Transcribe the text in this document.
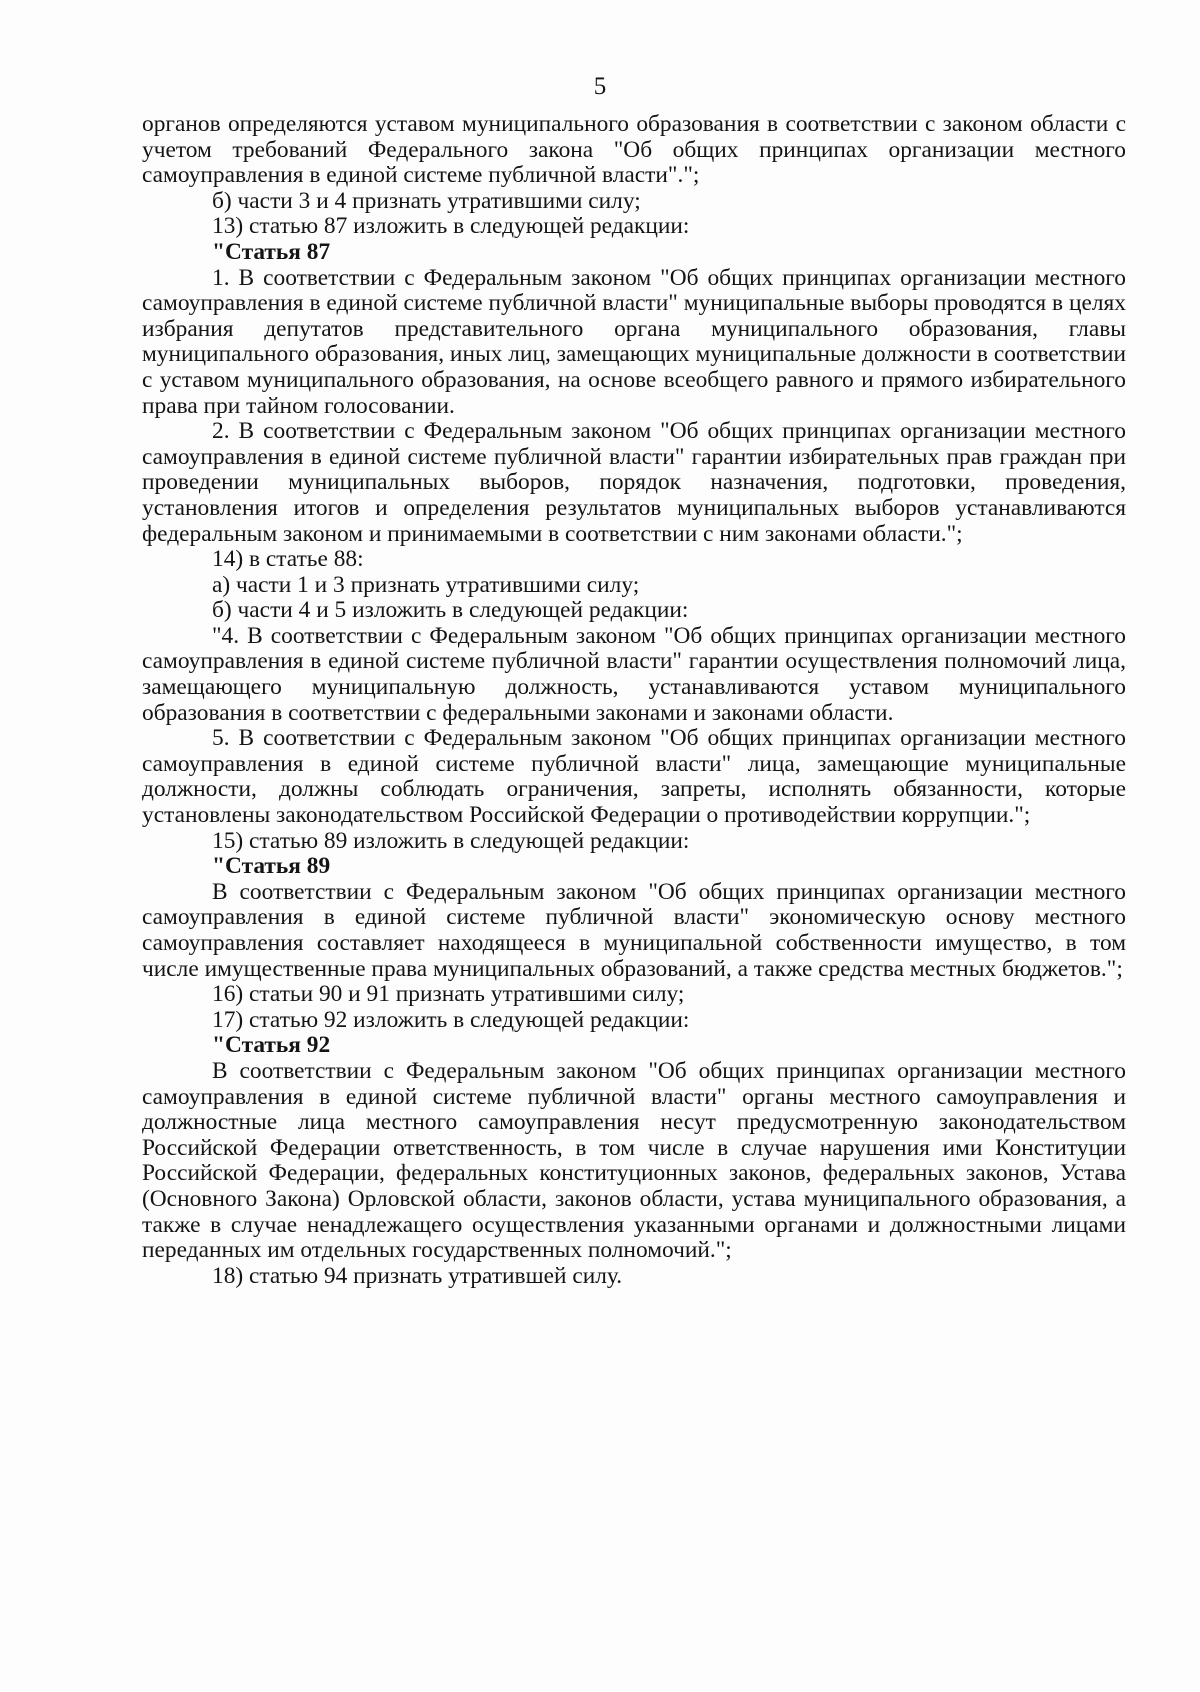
5

органов определяются уставом муниципального образования в соответствии с законом области с учетом требований Федерального закона "Об общих принципах организации местного самоуправления в единой системе публичной власти".";

б) части 3 и 4 признать утратившими силу;

13) статью 87 изложить в следующей редакции:

"Статья 87

1. В соответствии с Федеральным законом "Об общих принципах организации местного самоуправления в единой системе публичной власти" муниципальные выборы проводятся в целях избрания депутатов представительного органа муниципального образования, главы муниципального образования, иных лиц, замещающих муниципальные должности в соответствии с уставом муниципального образования, на основе всеобщего равного и прямого избирательного права при тайном голосовании.

2. В соответствии с Федеральным законом "Об общих принципах организации местного самоуправления в единой системе публичной власти" гарантии избирательных прав граждан при проведении муниципальных выборов, порядок назначения, подготовки, проведения, установления итогов и определения результатов муниципальных выборов устанавливаются федеральным законом и принимаемыми в соответствии с ним законами области.";

14) в статье 88:

а) части 1 и 3 признать утратившими силу;

б) части 4 и 5 изложить в следующей редакции:

"4. В соответствии с Федеральным законом "Об общих принципах организации местного самоуправления в единой системе публичной власти" гарантии осуществления полномочий лица, замещающего муниципальную должность, устанавливаются уставом муниципального образования в соответствии с федеральными законами и законами области.

5. В соответствии с Федеральным законом "Об общих принципах организации местного самоуправления в единой системе публичной власти" лица, замещающие муниципальные должности, должны соблюдать ограничения, запреты, исполнять обязанности, которые установлены законодательством Российской Федерации о противодействии коррупции.";

15) статью 89 изложить в следующей редакции:

"Статья 89

В соответствии с Федеральным законом "Об общих принципах организации местного самоуправления в единой системе публичной власти" экономическую основу местного самоуправления составляет находящееся в муниципальной собственности имущество, в том числе имущественные права муниципальных образований, а также средства местных бюджетов.";

16) статьи 90 и 91 признать утратившими силу;

17) статью 92 изложить в следующей редакции:

"Статья 92

В соответствии с Федеральным законом "Об общих принципах организации местного самоуправления в единой системе публичной власти" органы местного самоуправления и должностные лица местного самоуправления несут предусмотренную законодательством Российской Федерации ответственность, в том числе в случае нарушения ими Конституции Российской Федерации, федеральных конституционных законов, федеральных законов, Устава (Основного Закона) Орловской области, законов области, устава муниципального образования, а также в случае ненадлежащего осуществления указанными органами и должностными лицами переданных им отдельных государственных полномочий.";

18) статью 94 признать утратившей силу.
